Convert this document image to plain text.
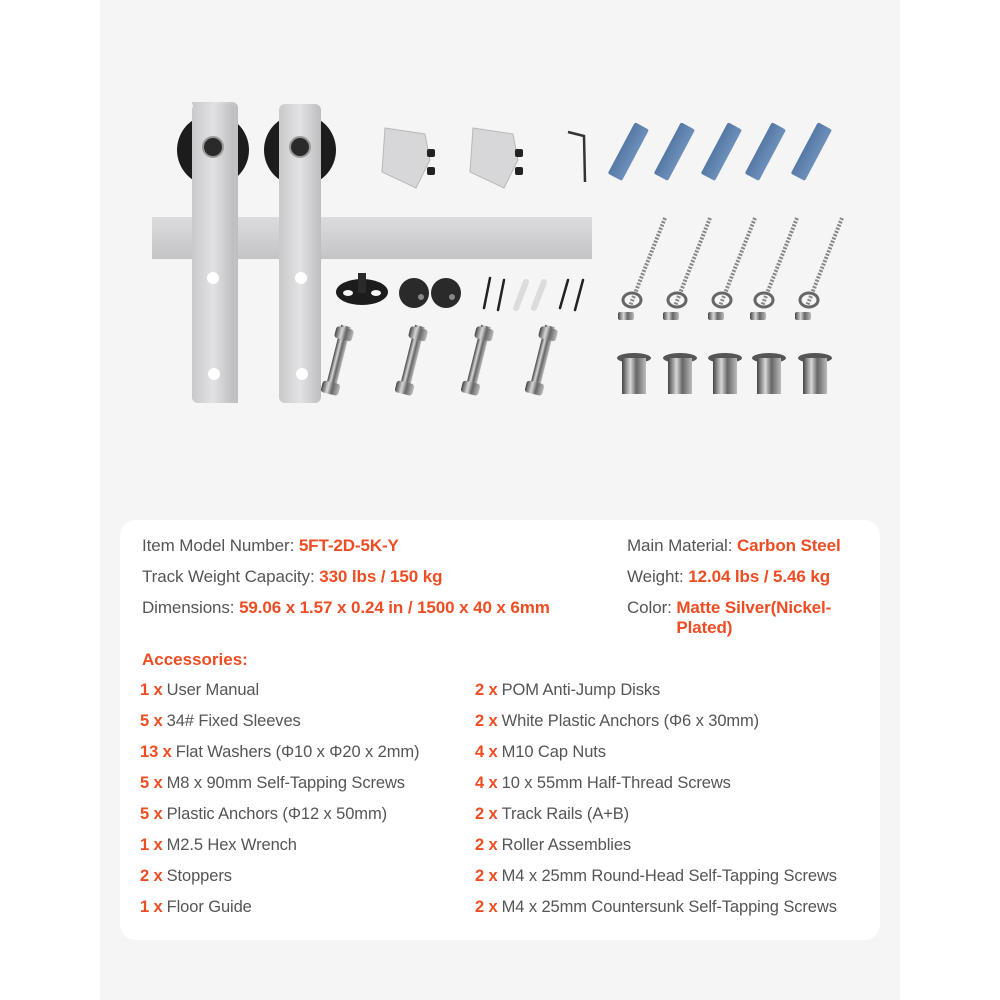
Item Model Number: 5FT-2D-5K-Y
Track Weight Capacity: 330 lbs / 150 kg
Dimensions: 59.06 x 1.57 x 0.24 in / 1500 x 40 x 6mm
Main Material: Carbon Steel
Weight: 12.04 lbs / 5.46 kg
Color: Matte Silver(Nickel-Plated)
Accessories:
1 x User Manual
5 x 34# Fixed Sleeves
13 x Flat Washers (Φ10 x Φ20 x 2mm)
5 x M8 x 90mm Self-Tapping Screws
5 x Plastic Anchors (Φ12 x 50mm)
1 x M2.5 Hex Wrench
2 x Stoppers
1 x Floor Guide
2 x POM Anti-Jump Disks
2 x White Plastic Anchors (Φ6 x 30mm)
4 x M10 Cap Nuts
4 x 10 x 55mm Half-Thread Screws
2 x Track Rails (A+B)
2 x Roller Assemblies
2 x M4 x 25mm Round-Head Self-Tapping Screws
2 x M4 x 25mm Countersunk Self-Tapping Screws
